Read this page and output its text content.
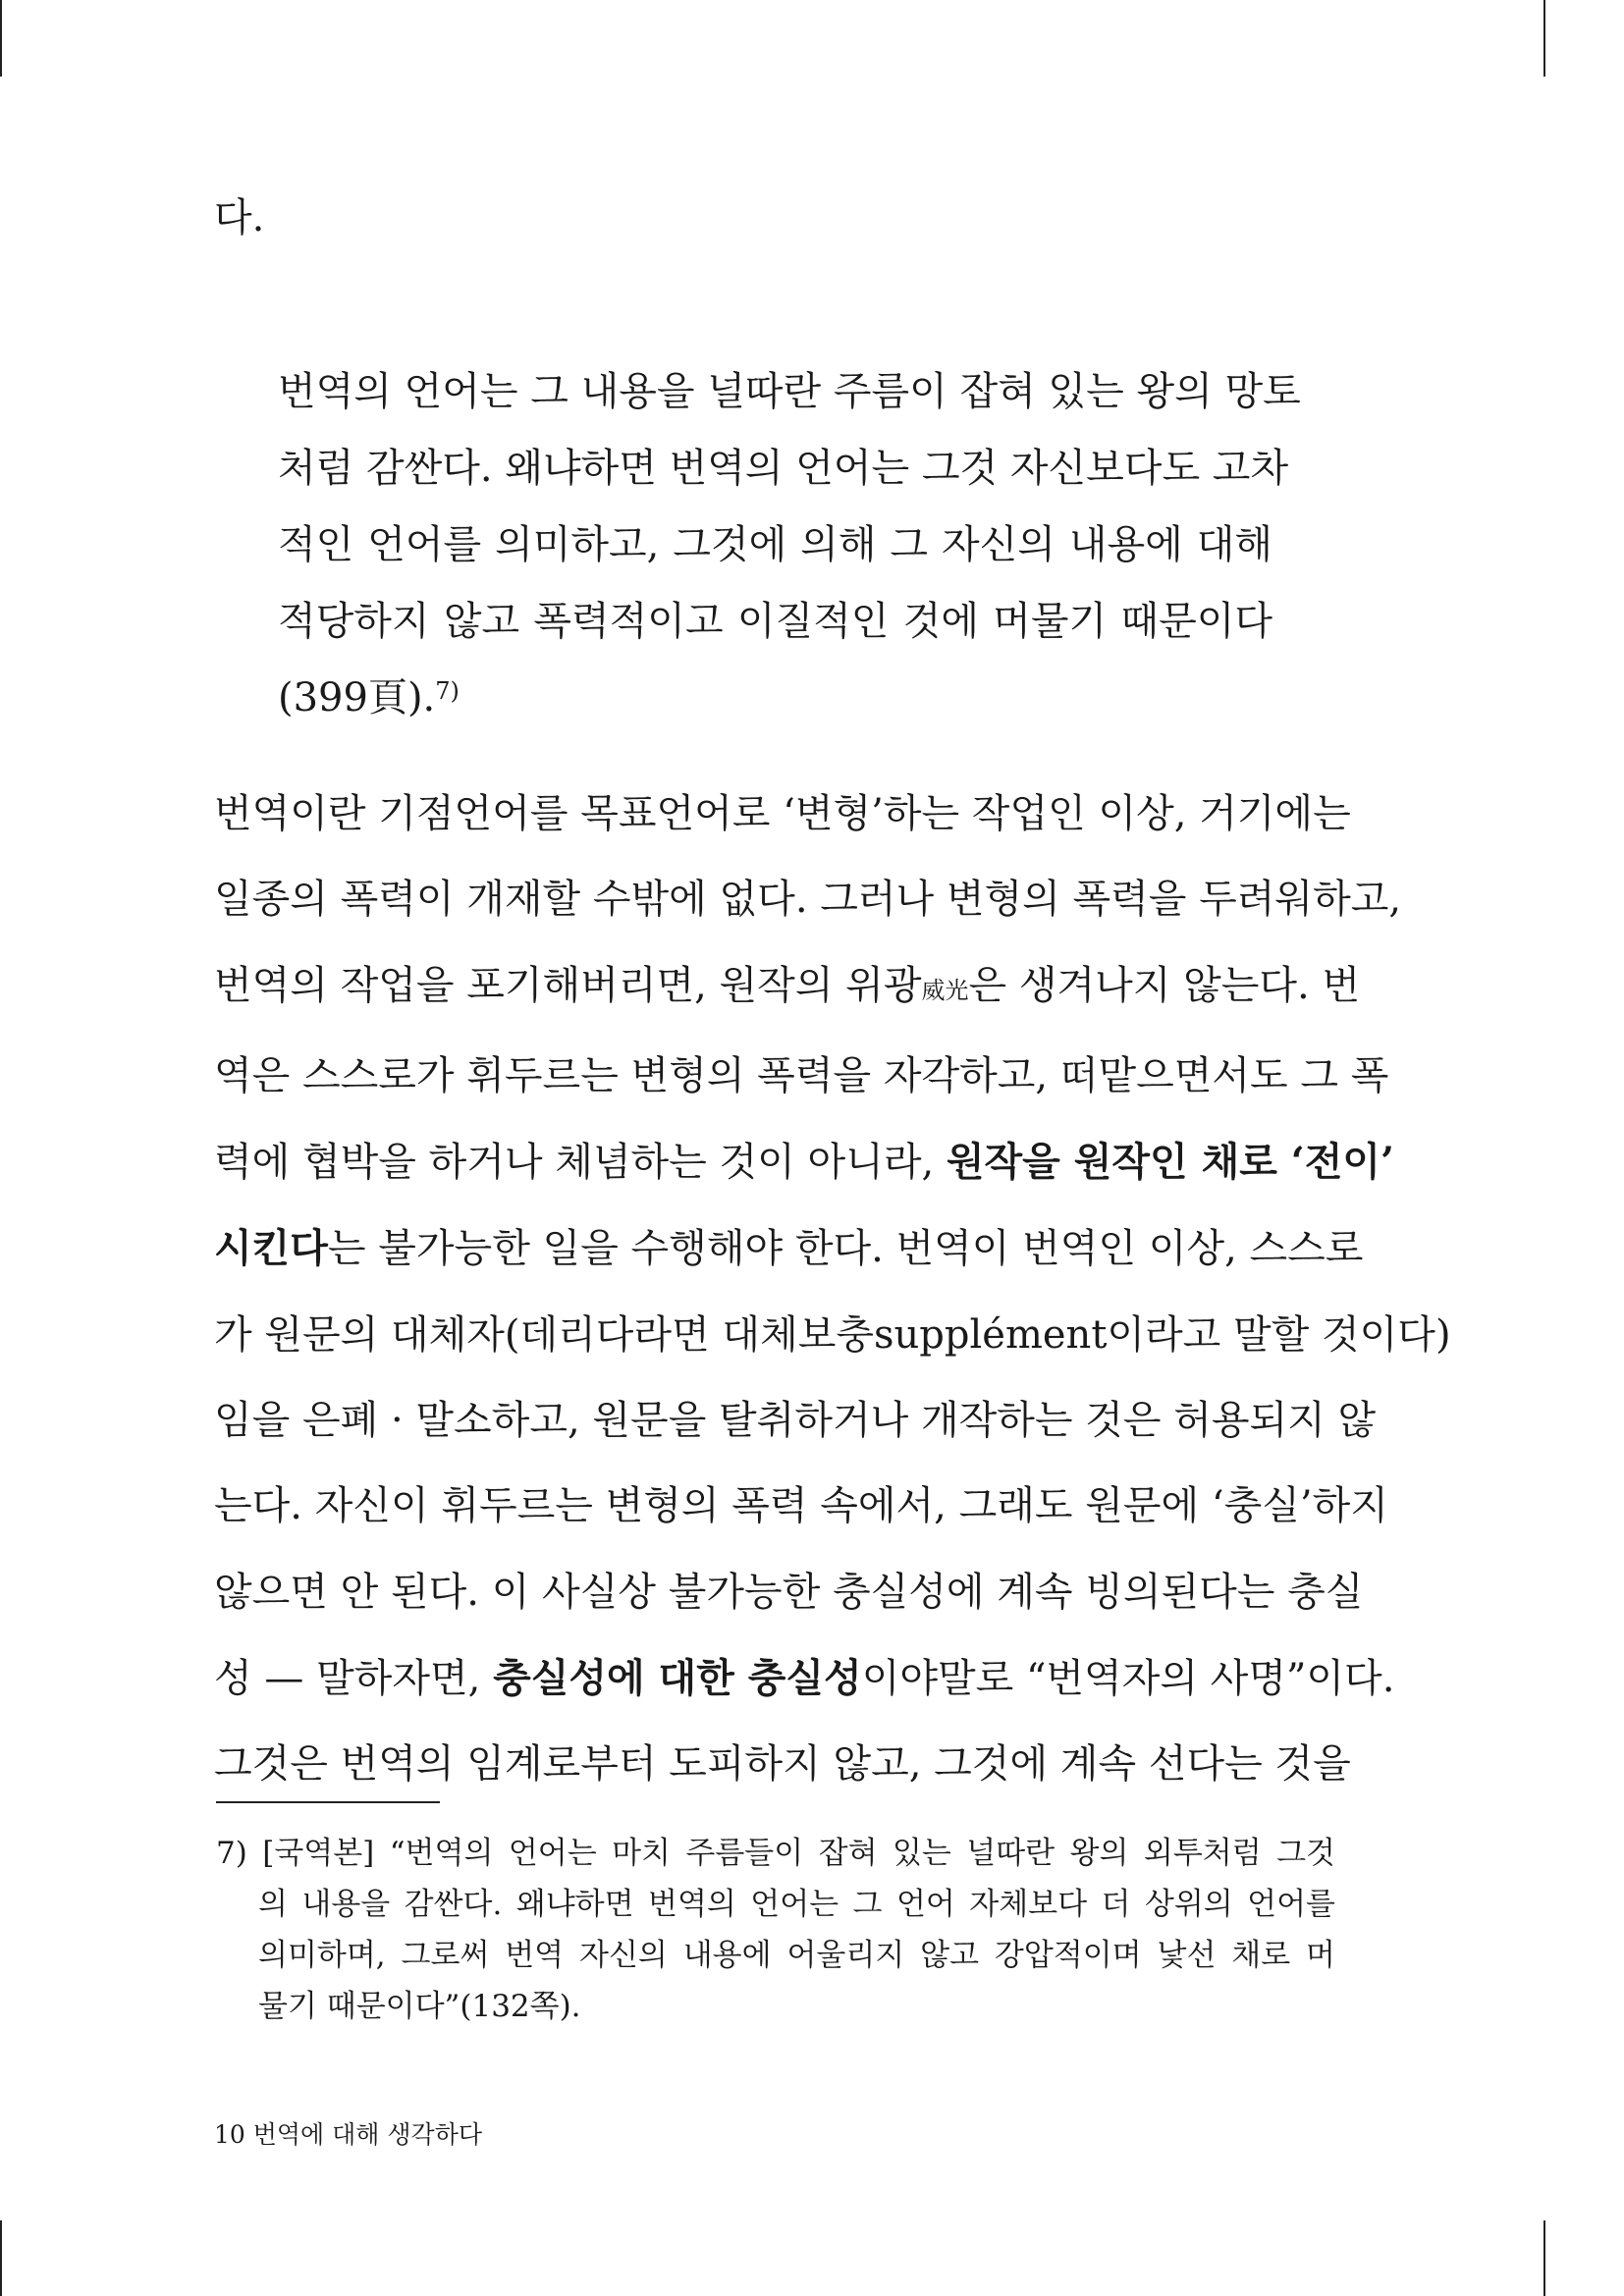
다.

번역의 언어는 그 내용을 널따란 주름이 잡혀 있는 왕의 망토
처럼 감싼다. 왜냐하면 번역의 언어는 그것 자신보다도 고차
적인 언어를 의미하고, 그것에 의해 그 자신의 내용에 대해
적당하지 않고 폭력적이고 이질적인 것에 머물기 때문이다
(399頁).$^{7)}$
번역이란 기점언어를 목표언어로 ‘변형’하는 작업인 이상, 거기에는
일종의 폭력이 개재할 수밖에 없다. 그러나 변형의 폭력을 두려워하고,
번역의 작업을 포기해버리면, 원작의 위광威光은 생겨나지 않는다. 번
역은 스스로가 휘두르는 변형의 폭력을 자각하고, 떠맡으면서도 그 폭
력에 협박을 하거나 체념하는 것이 아니라, 원작을 원작인 채로 ‘전이’
시킨다는 불가능한 일을 수행해야 한다. 번역이 번역인 이상, 스스로
가 원문의 대체자(데리다라면 대체보충supplément이라고 말할 것이다)
임을 은폐 · 말소하고, 원문을 탈취하거나 개작하는 것은 허용되지 않
는다. 자신이 휘두르는 변형의 폭력 속에서, 그래도 원문에 ‘충실’하지
않으면 안 된다. 이 사실상 불가능한 충실성에 계속 빙의된다는 충실
성 — 말하자면, 충실성에 대한 충실성이야말로 “번역자의 사명”이다.
그것은 번역의 임계로부터 도피하지 않고, 그것에 계속 선다는 것을
7) [국역본] “번역의 언어는 마치 주름들이 잡혀 있는 널따란 왕의 외투처럼 그것
의 내용을 감싼다. 왜냐하면 번역의 언어는 그 언어 자체보다 더 상위의 언어를
의미하며, 그로써 번역 자신의 내용에 어울리지 않고 강압적이며 낯선 채로 머
물기 때문이다”(132쪽).
10 번역에 대해 생각하다
